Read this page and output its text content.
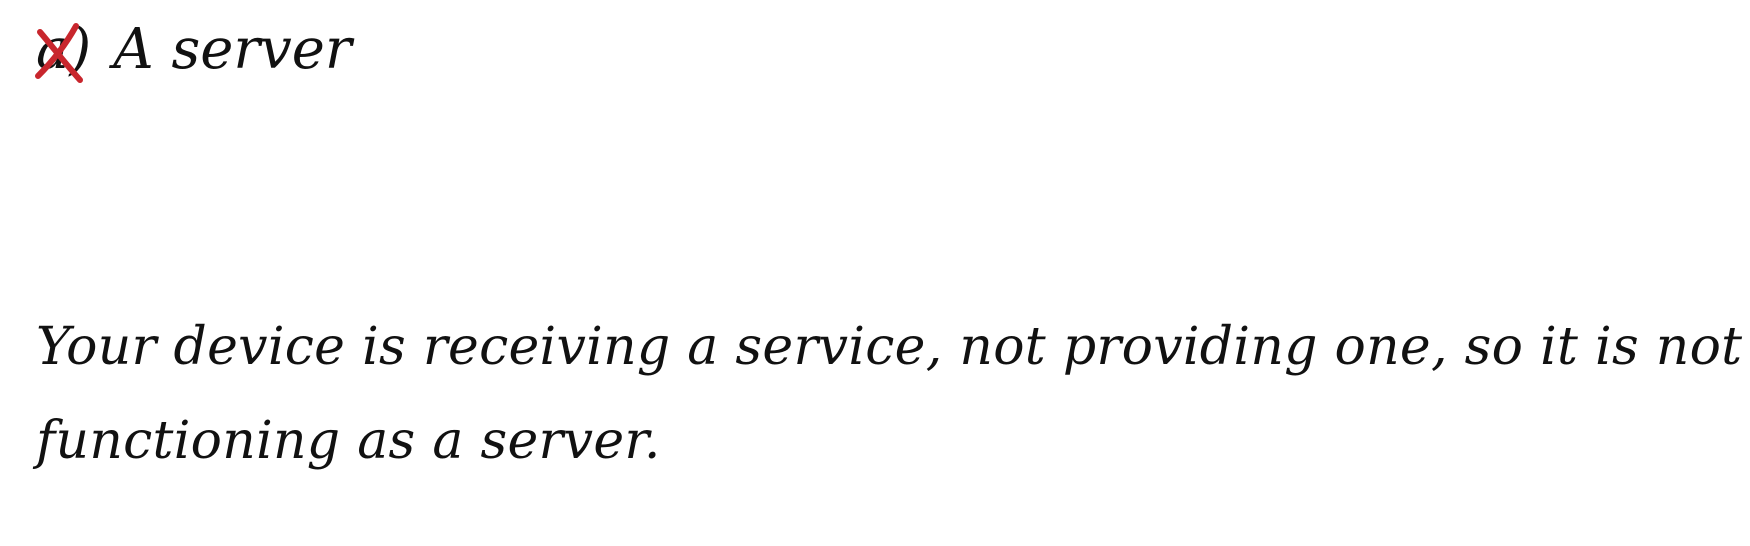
a ) A server

Your device is receiving a service, not providing one, so it is not
functioning as a server.
